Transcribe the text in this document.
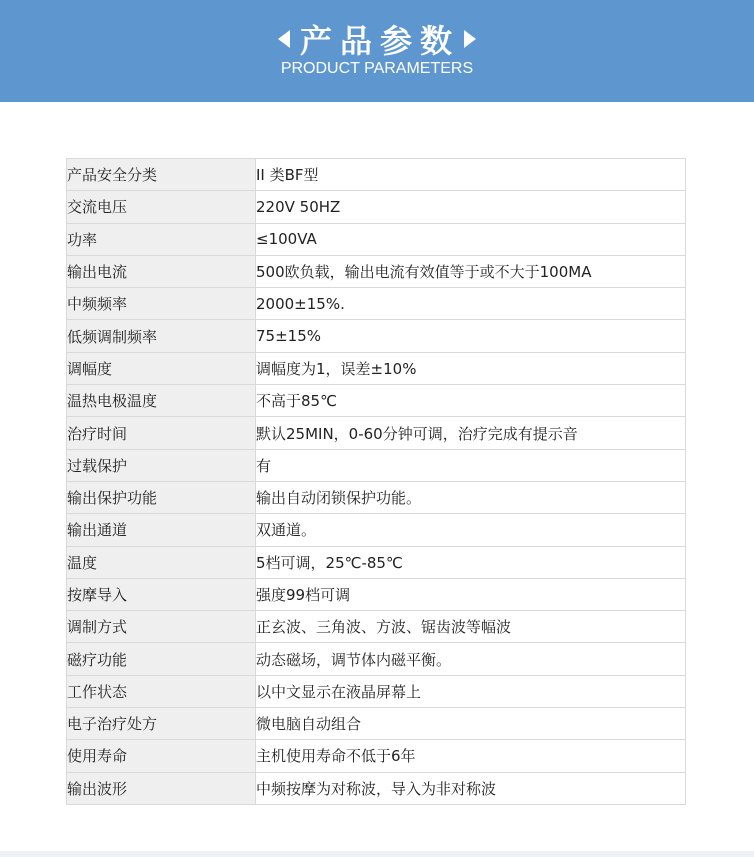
产品参数
PRODUCT PARAMETERS
产品安全分类	II 类BF型
交流电压	220V 50HZ
功率	≤100VA
输出电流	500欧负载，输出电流有效值等于或不大于100MA
中频频率	2000±15%.
低频调制频率	75±15%
调幅度	调幅度为1，误差±10%
温热电极温度	不高于85℃
治疗时间	默认25MIN，0-60分钟可调，治疗完成有提示音
过载保护	有
输出保护功能	输出自动闭锁保护功能。
输出通道	双通道。
温度	5档可调，25℃-85℃
按摩导入	强度99档可调
调制方式	正玄波、三角波、方波、锯齿波等幅波
磁疗功能	动态磁场，调节体内磁平衡。
工作状态	以中文显示在液晶屏幕上
电子治疗处方	微电脑自动组合
使用寿命	主机使用寿命不低于6年
输出波形	中频按摩为对称波，导入为非对称波
